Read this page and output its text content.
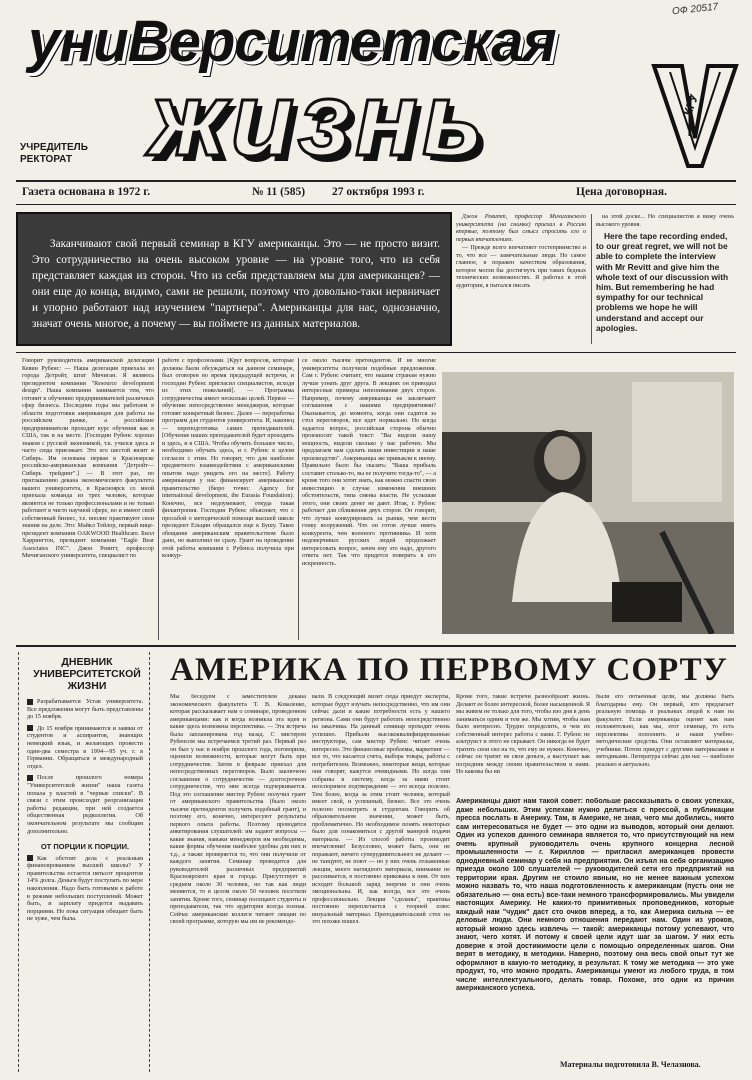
ОФ 20517
униВерситетская
жизнь	КГУ
УЧРЕДИТЕЛЬ
РЕКТОРАТ
Газета основана в 1972 г.	№ 11 (585) 27 октября 1993 г.	Цена договорная.
Заканчивают свой первый семинар в КГУ американцы. Это — не просто визит. Это сотрудничество на очень высоком уровне — на уровне того, что из себя представляет каждая из сторон. Что из себя представляем мы для американцев? — они еще до конца, видимо, сами не решили, поэтому что довольно-таки нервничает и упорно работают над изучением "партнера". Американцы для нас, однозначно, значат очень многое, а почему — вы поймете из данных материалов.

Джон Ревитт, профессор Мичиганского университета (на снимке) приехал в Россию впервые, поэтому был смысл спросить его о первых впечатлениях.

— Прежде всего впечатляет гостеприимство и то, что все — замечательные люди. Но самое главное, я поражен качеством образования, которое могли бы достигнуть при таких бедных технических возможностях. Я работал в этой аудитории, я пытался писать

на этой доске... Но специалистов я вижу очень высокого уровня.

Here the tape recording ended, to our great regret, we will not be able to complete the interview with Mr Revitt and give him the whole text of our discussion with him. But remembering he had sympathy for our technical problems we hope he will understand and accept our apologies.

Говорит руководитель американской делегации Кевин Рубенс: — Наша делегация приехала из города Детройт, штат Мичиган. Я являюсь президентом компании "Resource development design". Наша компания занимается тем, что готовит к обучению предпринимателей различных сфер бизнеса. Последние годы мы работаем в области подготовки американцев для работы на российском рынке, а российские предприниматели проходят курс обучения как в США, так и на месте. [Господин Рубенс хорошо знаком с русской экономикой, т.к. учился здесь и часто сюда приезжает. Это его шестой визит в Сибирь. Им основана первая в Красноярске российско-американская компания "Детройт—Сибирь трейдинг".] — В этот раз, по приглашению декана экономического факультета вашего университета, в Красноярск со мной приехала команда из трех человек, которые являются не только профессионалами и не только работают в чисто научной сфере, но и имеют свой собственный бизнес, т.е. вполне практикуют свои знания на деле. Это: Майкл Тейлор, первый вице-президент компании OAKWOOD Healthcare. Билл Харрингтон, президент компании "Eagle Bear Associates INC". Джон Ревитт, профессор Мичиганского университета, специалист по
работе с профсоюзами. [Круг вопросов, которые должны были обсуждаться на данном семинаре, был оговорен во время предыдущей встречи, и господин Рубенс пригласил специалистов, исходя из этих пожеланий]. — Программа сотрудничества имеет несколько целей. Первое — обучение непосредственно менеджеров, которые готовят конкретный бизнес. Далее — переработка программ для студентов университета. И, наконец — переподготовка самих преподавателей. [Обучение наших преподавателей будет проходить и здесь, и в США. Чтобы обучить большее число, необходимо обучать здесь, и г. Рубенс в целом согласен с этим. Но говорит, что для наиболее предметного взаимодействия с американскими опытом надо увидеть его на месте]. Работу американцев у нас финансирует американское правительство (бюро точно: Agency for international development, the Eurasia Foundation). Конечно, все недоумевают, откуда такая филантропия. Господин Рубенс объясняет, что с просьбой о методической помощи высшей школе президент Ельцин обращался еще к Бушу. Такое обещание американским правительством было дано, но выполнил не сразу. Грант на проведение этой работы компания г. Рубенса получила при конкур-
се около тысячи претендентов. И не многие университеты получили подобные предложения. Сам г. Рубенс считает, что нашим странам нужно лучше узнать друг друга. В лекциях он приводил интересные примеры непонимания двух сторон. Например, почему американцы не заключают соглашения с нашими предприятиями? Оказывается, до момента, когда они садятся за стол переговоров, все идет нормально. Но когда задается вопрос, российская сторона обычно произносит такой текст: "Вы видели нашу мощность, видели сколько у нас рабочих. Мы предлагаем вам сделать ваши инвестиции в наше производство". Американцы же привыкли к иному. Правильно было бы сказать: "Ваша прибыль составит столько-то, вы ее получите тогда-то", — а кроме того они хотят знать, как можно спасти свою инвестицию в случае изменения внешних обстоятельств, типа смены власти. Не услышав этого, они своих денег не дают. Итак, г. Рубенс работает для сближения двух сторон. Он говорит, что лучше конкурировать за рынки, чем вести гонку вооружений. Что он готов лучше иметь конкурента, чем военного противника. И хотя недоверчивых русских людей продолжает интересовать вопрос, зачем ему это надо, другого ответа нет. Так что придется поверить в его искренность.
ДНЕВНИК УНИВЕРСИТЕТСКОЙ ЖИЗНИ
Разрабатывается Устав университета. Все предложения могут быть представлены до 15 ноября.
До 15 ноября принимаются и заявки от студентов и аспирантов, знающих немецкий язык, и желающих провести один-два семестра в 1994—95 уч. г. в Германии. Обращаться в международный отдел.
После прошлого номера "Университетской жизни" наша газета попала у властей в "черные списки". В связи с этим происходит реорганизация работы редакции, при ней создается общественная редколлегия. Об окончательном результате мы сообщим дополнительно.
ОТ ПОРЦИИ К ПОРЦИИ.
Как обстоит дела с реальным финансированием высшей школы? У правительства остается пятьсот процентов 14% долга. Деньги будут поступать по мере накопления. Надо быть готовыми к работе в режиме небольших поступлений. Может быть, и зарплату придется выдавать порциями. Но пока ситуация обещает быть не хуже, чем была.
АМЕРИКА ПО ПЕРВОМУ СОРТУ
Мы беседуем с заместителем декана экономического факультета Т. В. Коваленко, которая рассказывает нам о семинаре, проведенном американцами: как и когда возникла эта идея и какие здесь возможны перспективы. — Эта встреча была запланирована год назад. С мистером Рубенсом мы встречаемся третий раз. Первый раз он был у нас в ноябре прошлого года, поговорили, оценили возможности, которые могут быть при сотрудничестве. Затем в феврале приехал для непосредственных переговоров. Было заключено соглашение о сотрудничестве — долгосрочном сотрудничестве, что мне всегда подчеркивается. Под это соглашение мистер Рубенс получил грант от американского правительства (было около тысячи претендентов получить подобный грант), и поэтому его, конечно, интересуют результаты первого опыта работы. Поэтому проводятся анкетирования слушателей: им задают вопросы — какие знания, навыки менеджеров им необходимы, какие формы обучения наиболее удобны для них и т.д., а также проверяется то, что они получили от каждого занятия. Семинар проводится для руководителей различных предприятий Красноярского края и города. Присутствует в среднем около 30 человек, но так как люди меняются, то в целом около 50 человек посетили занятия. Кроме того, семинар посещают студенты и преподаватели, так что аудитория всегда полная. Сейчас американские коллеги читают лекции по своей программе, которую мы им не рекомендо-
вали. В следующий визит сюда приедут эксперты, которые будут изучать непосредственно, что им они сейчас дали и какие потребности есть у нашего региона. Сами они будут работать непосредственно на заказчика. На данный семинар проходит очень успешно. Прибыли высококвалифицированные инструкторы, сам мистер Рубенс читает очень интересно. Это финансовые проблемы, маркетинг — все то, что касается счета, выбора товара, работы с потребителем. Возможно, некоторые вещи, которые они говорят, кажутся очевидными. Но когда они собраны в систему, когда за ними стоит неоспоримое подтверждение — это всегда полезно. Тем более, когда за этим стоит человек, который имеет свой, и успешный, бизнес. Все это очень полезно посмотреть и студентам. Говорить об образовательном значении, может быть, проблематично. Но необходимое понять некоторых было для ознакомиться с другой манерой подачи материала. — Из способ работы производит впечатление! Безусловно, может быть, они не поражают, ничего суперудивительного не делают — не танцуют, не поют — но у них очень отлаженные лекции, много наглядного материала, внимание не рассеивается, в постоянно прикована к ним. От них исходит большой заряд энергии и они очень эмоциональны. И, как всегда, все это очень профессионально. Лекции "сделаны", практика постоянно переплетается с теорией плюс визуальный материал. Преподавательский стол на это похоже вошел.
Кроме того, такие встречи разнообразят жизнь. Делают ее более интересной, более насыщенной. Я мы живем не только для того, чтобы изо дня в день заниматься одним и тем же. Мы хотим, чтобы нам было интересно. Трудно определить, в чем их собственный интерес работы с нами. Г. Рубенс не альтруист и этого не скрывает. Он никогда не будет тратить свои сил на то, что ему не нужно. Конечно, сейчас он тратит не свои деньги, а выступает как посредник между своим правительством и нами. Но каковы бы ни
были его потаенные цели, мы должны быть благодарны ему. Он первый, кто предлагает реальную помощь и реальных людей к нам на факультет. Если американцы оценят как нам положительно, как мы, этот семинар, то есть перспектива пополнить и наши учебно-методические средства. Они оставляют материалы, учебники. Потом приедут с другими материалами и методиками. Литература сейчас для нас — наиболее реально и актуально.
Американцы дают нам такой совет: побольше рассказывать о своих успехах, даже небольших. Этим успехам нужно делиться с прессой, а публикации пресса послать в Америку. Там, в Америке, не зная, чего мы добились, никто сам интересоваться не будет — это одни из выводов, который они делают. Один из успехов данного семинара является то, что присутствующий на нем очень крупный руководитель очень крупного концерна лесной промышленности — г. Кириллов — пригласил американцев провести однодневный семинар у себя на предприятии. Он изъял на себя организацию приезда около 100 слушателей — руководителей сети его предприятий на территории края. Другим не стоило явным, но не менее важным успехом можно назвать то, что наша подготовленность к американцам (пусть они не обязательно — она есть) все-таки немного трансформировались. Мы увидели настоящих Америку. Не каких-то примитивных проповедников, которые каждый нам "чудик" даст сто очков вперед, а то, как Америка сильна — ее деловые люди. Они немного отношения передают нам. Один из уроков, который можно здесь извлечь — такой: американцы потому успевают, что знают, чего хотят. И потому к своей цели идут шаг за шагом. У них есть доверие к этой достижимости цели с помощью определенных шагов. Они верят в методику, в методики. Наверно, поэтому она весь свой опыт тут же оформляют в какую-то методику, в результат. К тому же методика — это уже продукт, то, что можно продать. Американцы умеют из любого труда, в том числе интеллектуального, делать товар. Похоже, это одни из причин американского успеха.
Материалы подготовила В. Челазнова.
